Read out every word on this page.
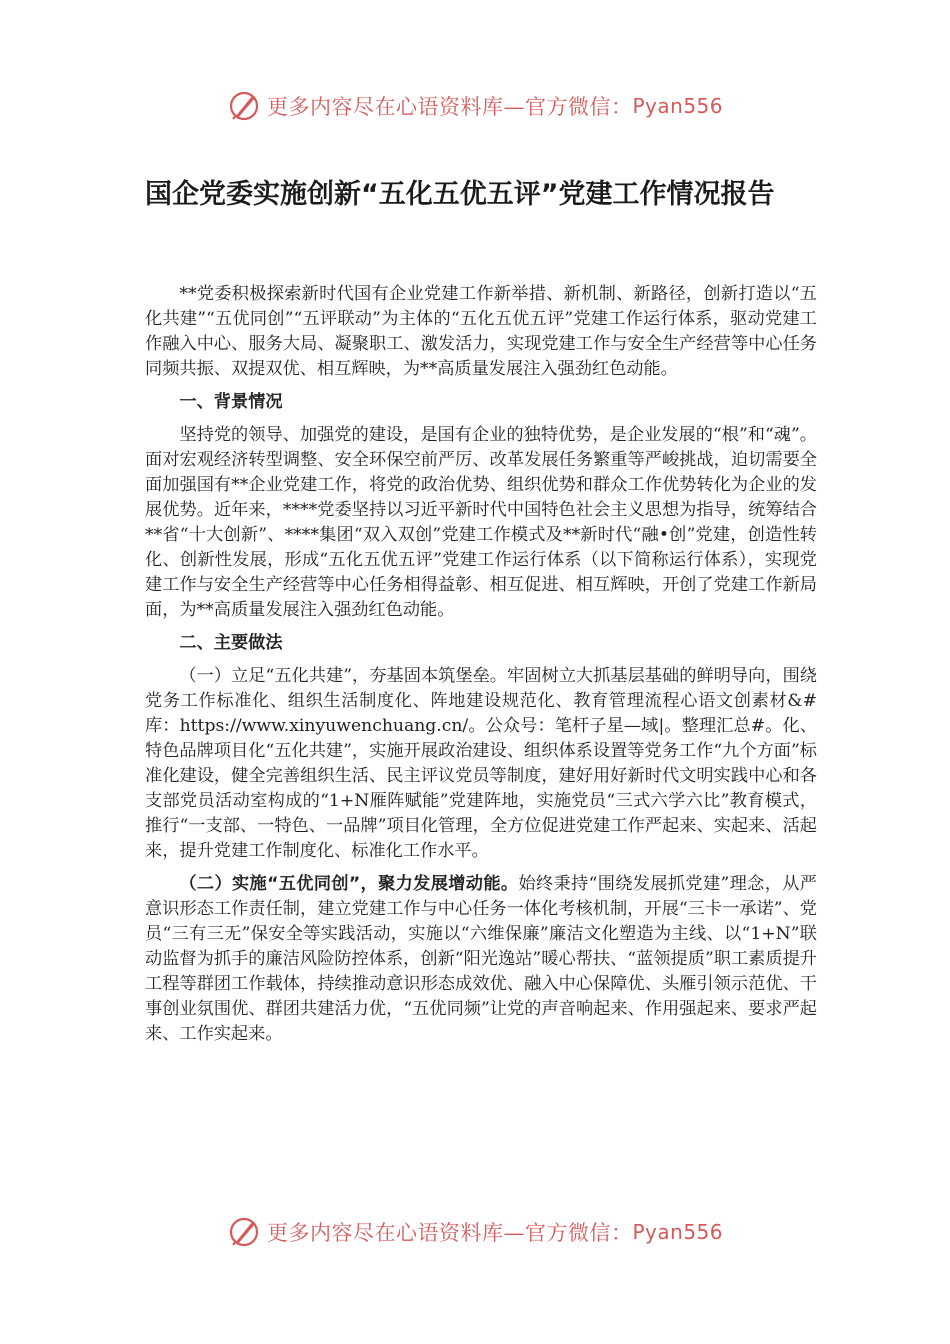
更多内容尽在心语资料库—官方微信： Pyan556
国企党委实施创新“五化五优五评”党建工作情况报告

**党委积极探索新时代国有企业党建工作新举措、新机制、新路径，创新打造以“五化共建”“五优同创”“五评联动”为主体的“五化五优五评”党建工作运行体系，驱动党建工作融入中心、服务大局、凝聚职工、激发活力，实现党建工作与安全生产经营等中心任务同频共振、双提双优、相互辉映，为**高质量发展注入强劲红色动能。

一、背景情况

坚持党的领导、加强党的建设，是国有企业的独特优势，是企业发展的“根”和“魂”。面对宏观经济转型调整、安全环保空前严厉、改革发展任务繁重等严峻挑战，迫切需要全面加强国有**企业党建工作，将党的政治优势、组织优势和群众工作优势转化为企业的发展优势。近年来，****党委坚持以习近平新时代中国特色社会主义思想为指导，统筹结合**省“十大创新”、****集团“双入双创”党建工作模式及**新时代“融•创”党建，创造性转化、创新性发展，形成“五化五优五评”党建工作运行体系（以下简称运行体系），实现党建工作与安全生产经营等中心任务相得益彰、相互促进、相互辉映，开创了党建工作新局面，为**高质量发展注入强劲红色动能。

二、主要做法

（一）立足“五化共建”，夯基固本筑堡垒。牢固树立大抓基层基础的鲜明导向，围绕党务工作标准化、组织生活制度化、阵地建设规范化、教育管理流程心语文创素材&#库：https://www.xinyuwenchuang.cn/。公众号：笔杆子星—域|。整理汇总#。化、特色品牌项目化“五化共建”，实施开展政治建设、组织体系设置等党务工作“九个方面”标准化建设，健全完善组织生活、民主评议党员等制度，建好用好新时代文明实践中心和各支部党员活动室构成的“1+N雁阵赋能”党建阵地，实施党员“三式六学六比”教育模式，推行“一支部、一特色、一品牌”项目化管理，全方位促进党建工作严起来、实起来、活起来，提升党建工作制度化、标准化工作水平。

（二）实施“五优同创”，聚力发展增动能。始终秉持“围绕发展抓党建”理念，从严意识形态工作责任制，建立党建工作与中心任务一体化考核机制，开展“三卡一承诺”、党员“三有三无”保安全等实践活动，实施以“六维保廉”廉洁文化塑造为主线、以“1+N”联动监督为抓手的廉洁风险防控体系，创新“阳光逸站”暖心帮扶、“蓝领提质”职工素质提升工程等群团工作载体，持续推动意识形态成效优、融入中心保障优、头雁引领示范优、干事创业氛围优、群团共建活力优，“五优同频”让党的声音响起来、作用强起来、要求严起来、工作实起来。

更多内容尽在心语资料库—官方微信： Pyan556
